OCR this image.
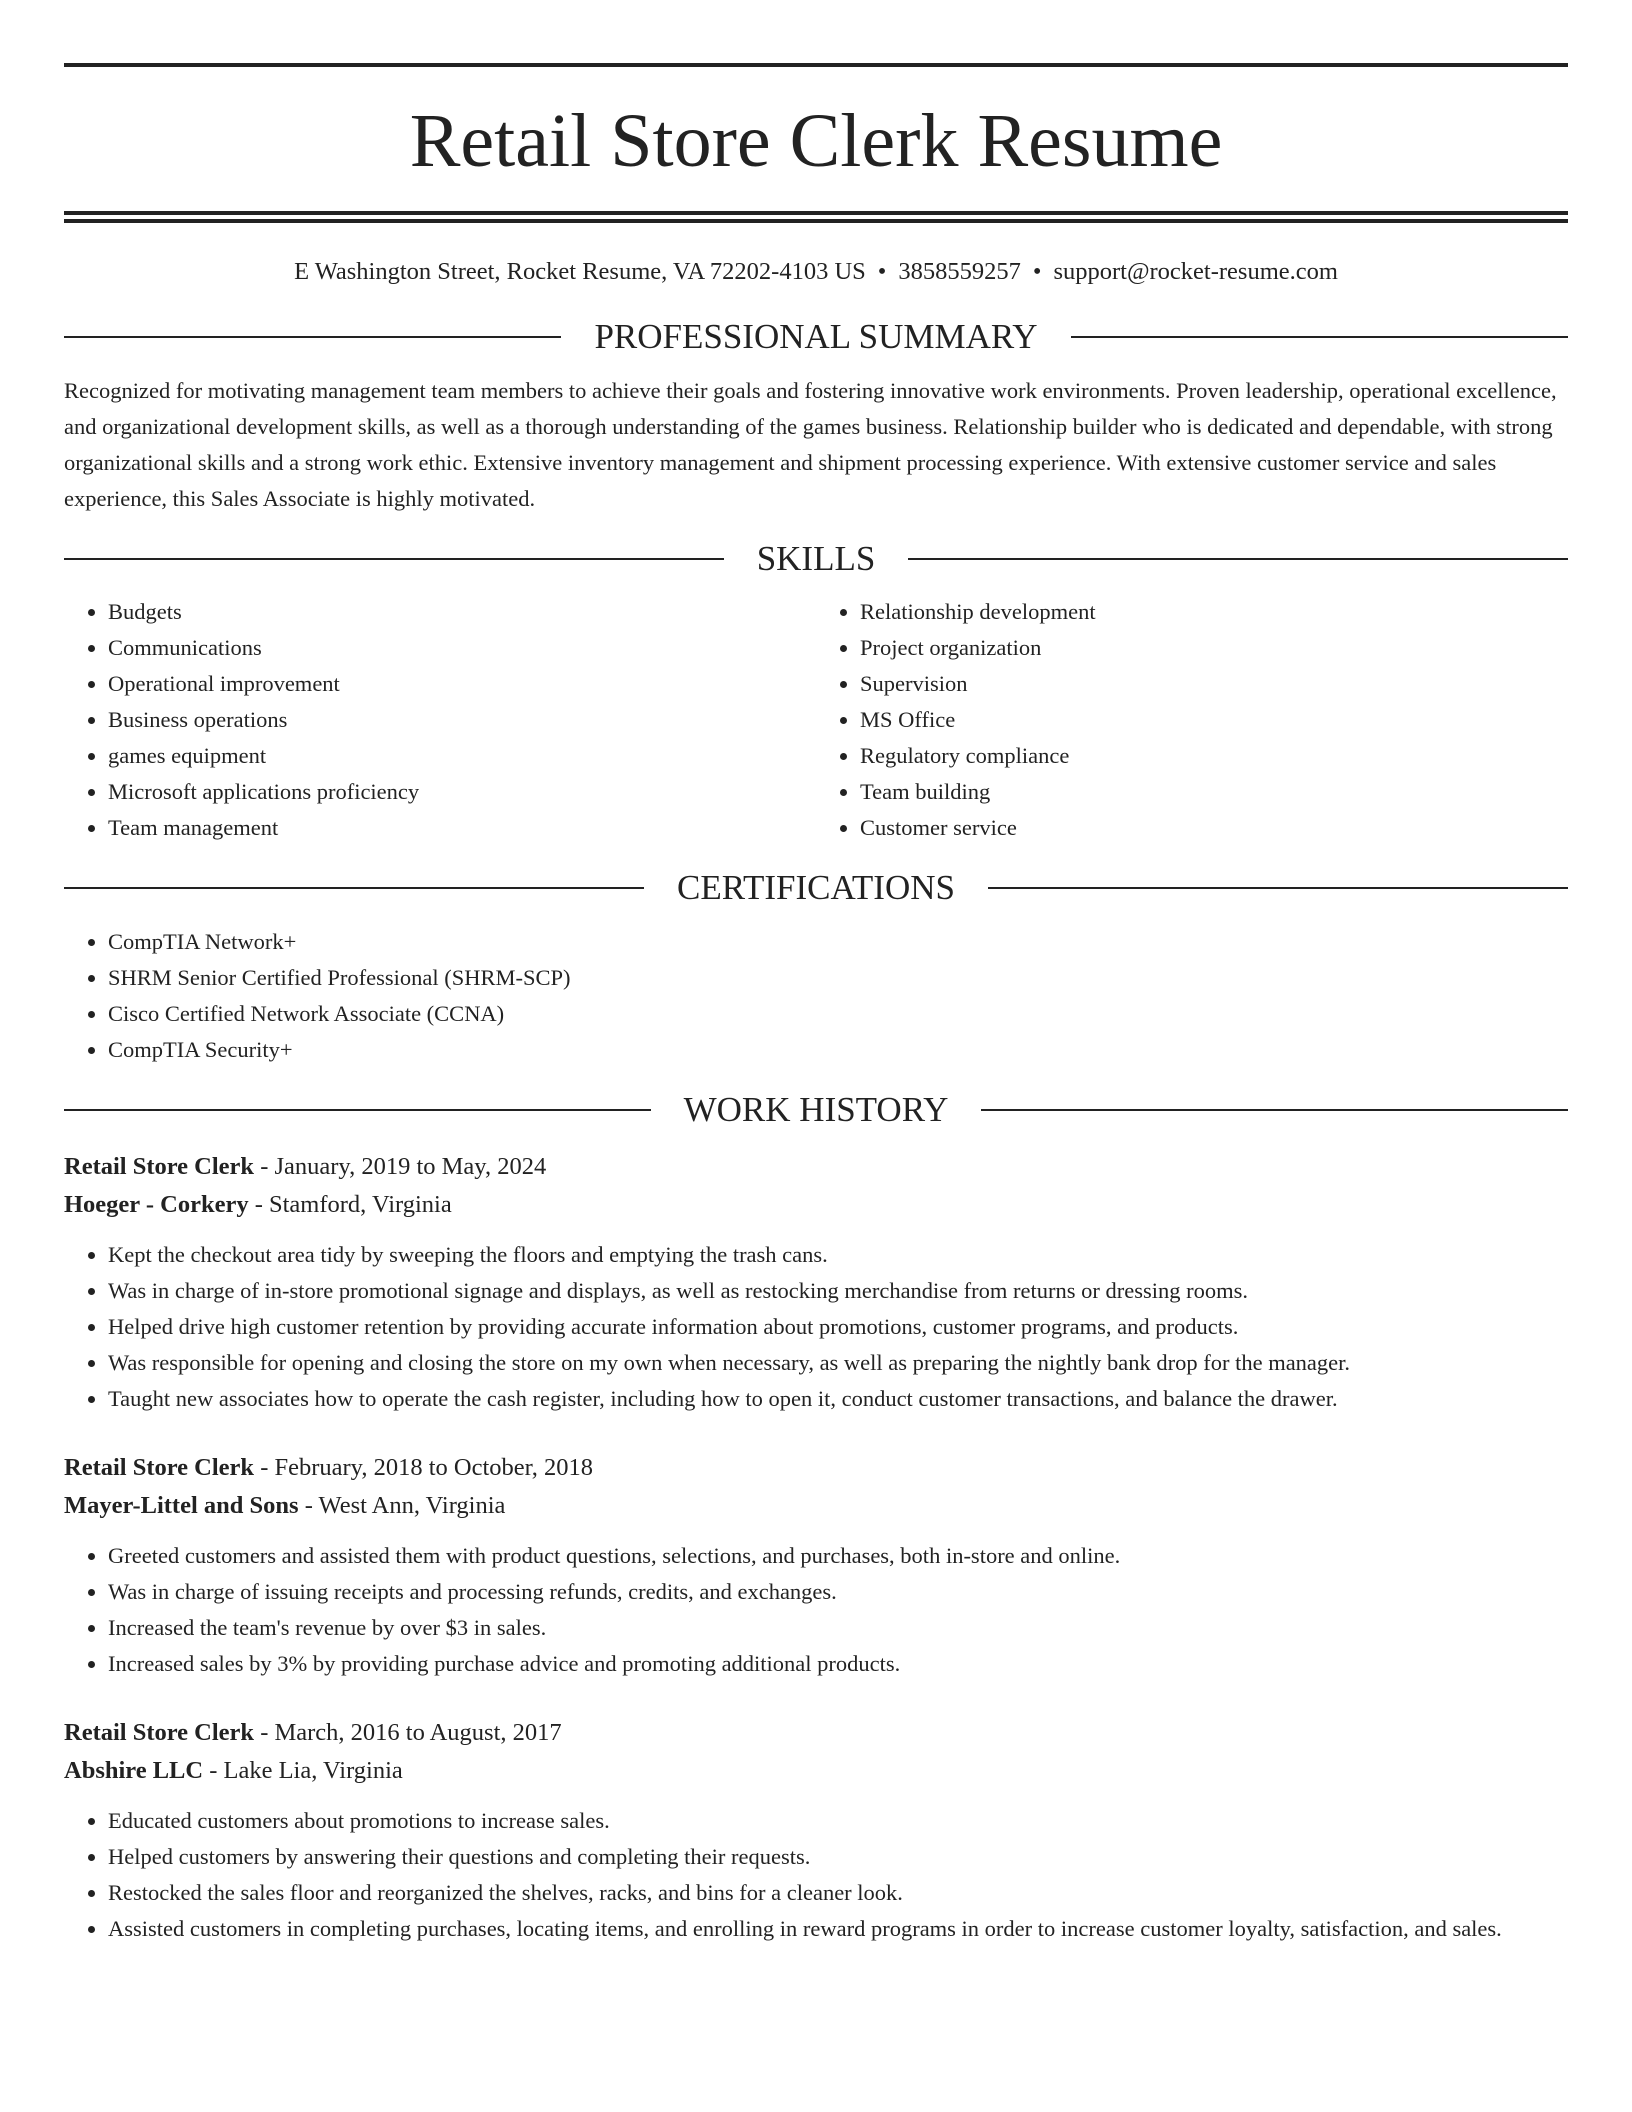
Retail Store Clerk Resume
E Washington Street, Rocket Resume, VA 72202-4103 US • 3858559257 • support@rocket-resume.com
PROFESSIONAL SUMMARY

Recognized for motivating management team members to achieve their goals and fostering innovative work environments. Proven leadership, operational excellence, and organizational development skills, as well as a thorough understanding of the games business. Relationship builder who is dedicated and dependable, with strong organizational skills and a strong work ethic. Extensive inventory management and shipment processing experience. With extensive customer service and sales experience, this Sales Associate is highly motivated.

SKILLS
• Budgets
• Communications
• Operational improvement
• Business operations
• games equipment
• Microsoft applications proficiency
• Team management
• Relationship development
• Project organization
• Supervision
• MS Office
• Regulatory compliance
• Team building
• Customer service
CERTIFICATIONS
• CompTIA Network+
• SHRM Senior Certified Professional (SHRM-SCP)
• Cisco Certified Network Associate (CCNA)
• CompTIA Security+
WORK HISTORY
Retail Store Clerk - January, 2019 to May, 2024
Hoeger - Corkery - Stamford, Virginia
• Kept the checkout area tidy by sweeping the floors and emptying the trash cans.
• Was in charge of in-store promotional signage and displays, as well as restocking merchandise from returns or dressing rooms.
• Helped drive high customer retention by providing accurate information about promotions, customer programs, and products.
• Was responsible for opening and closing the store on my own when necessary, as well as preparing the nightly bank drop for the manager.
• Taught new associates how to operate the cash register, including how to open it, conduct customer transactions, and balance the drawer.
Retail Store Clerk - February, 2018 to October, 2018
Mayer-Littel and Sons - West Ann, Virginia
• Greeted customers and assisted them with product questions, selections, and purchases, both in-store and online.
• Was in charge of issuing receipts and processing refunds, credits, and exchanges.
• Increased the team's revenue by over $3 in sales.
• Increased sales by 3% by providing purchase advice and promoting additional products.
Retail Store Clerk - March, 2016 to August, 2017
Abshire LLC - Lake Lia, Virginia
• Educated customers about promotions to increase sales.
• Helped customers by answering their questions and completing their requests.
• Restocked the sales floor and reorganized the shelves, racks, and bins for a cleaner look.
• Assisted customers in completing purchases, locating items, and enrolling in reward programs in order to increase customer loyalty, satisfaction, and sales.
